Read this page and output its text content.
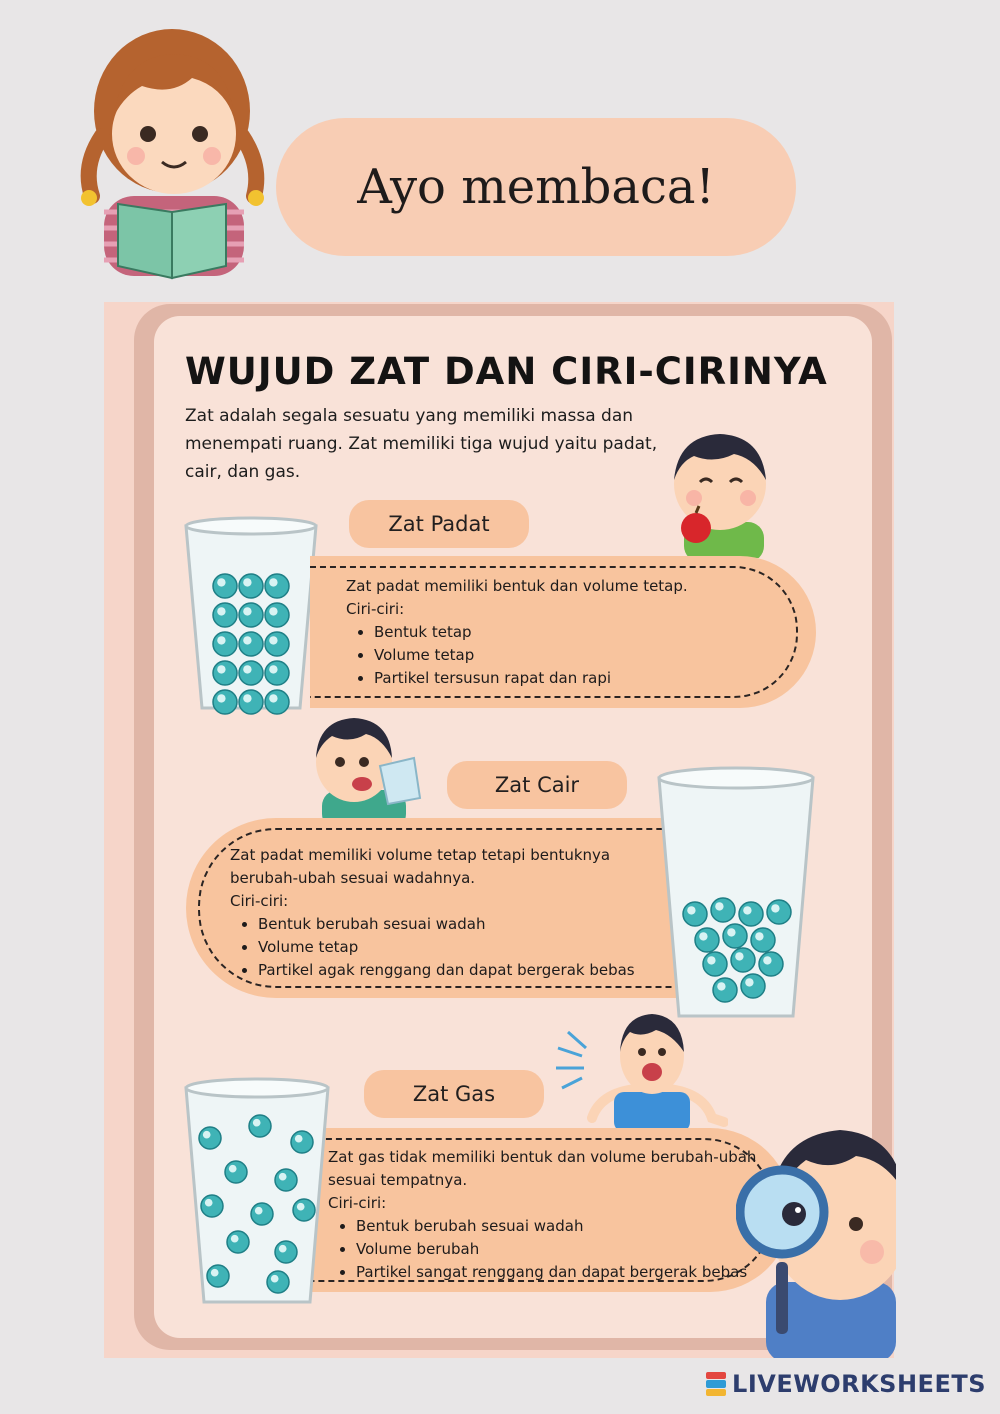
Ayo membaca!
WUJUD ZAT DAN CIRI-CIRINYA
Zat adalah segala sesuatu yang memiliki massa dan menempati ruang. Zat memiliki tiga wujud yaitu padat, cair, dan gas.
Zat Padat
Zat padat memiliki bentuk dan volume tetap.
Ciri-ciri:
• Bentuk tetap
• Volume tetap
• Partikel tersusun rapat dan rapi
Zat Cair
Zat padat memiliki volume tetap tetapi bentuknya berubah-ubah sesuai wadahnya.
Ciri-ciri:
• Bentuk berubah sesuai wadah
• Volume tetap
• Partikel agak renggang dan dapat bergerak bebas
Zat Gas
Zat gas tidak memiliki bentuk dan volume berubah-ubah sesuai tempatnya.
Ciri-ciri:
• Bentuk berubah sesuai wadah
• Volume berubah
• Partikel sangat renggang dan dapat bergerak bebas
LIVEWORKSHEETS
